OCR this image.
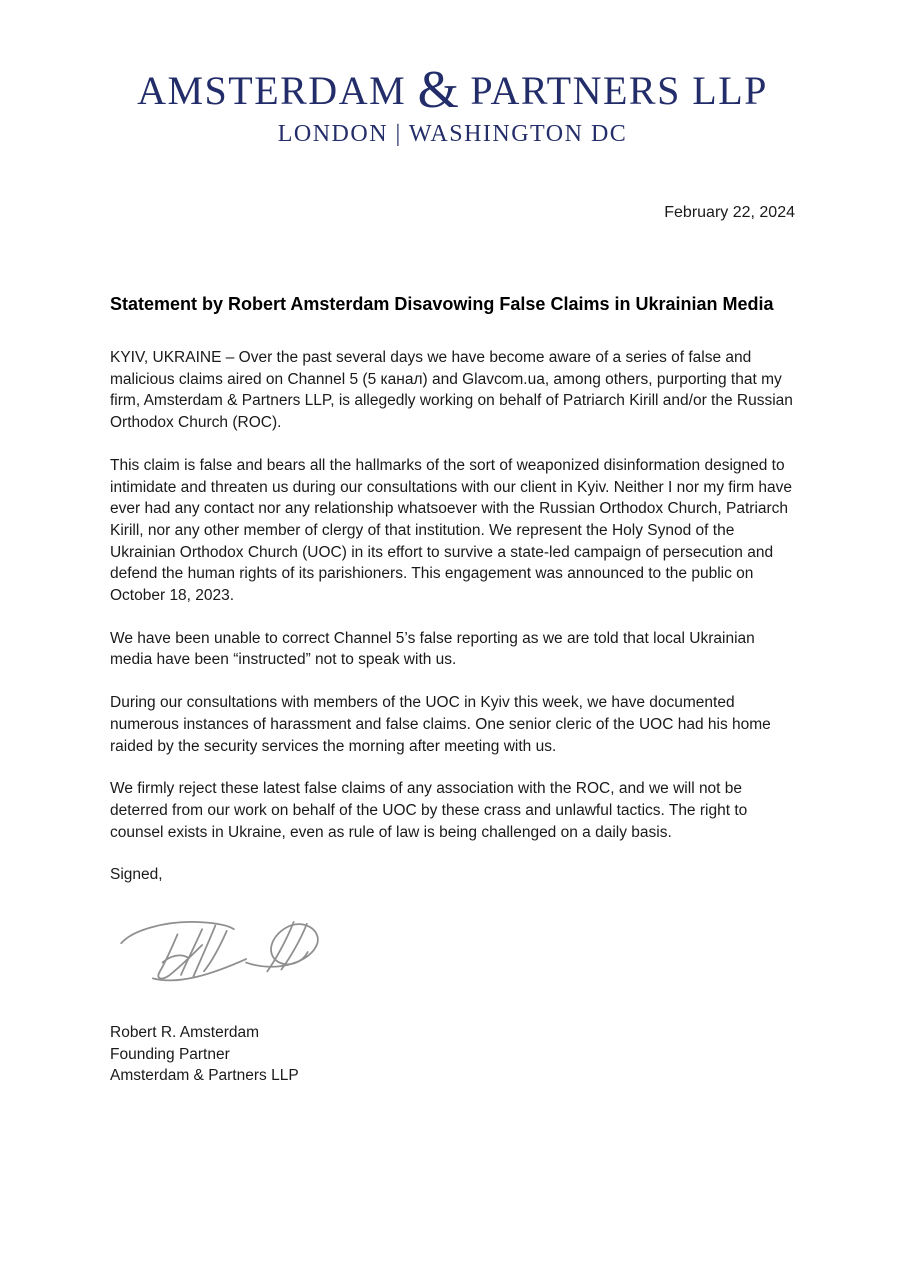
AMSTERDAM & PARTNERS LLP
LONDON | WASHINGTON DC
February 22, 2024
Statement by Robert Amsterdam Disavowing False Claims in Ukrainian Media

KYIV, UKRAINE – Over the past several days we have become aware of a series of false and malicious claims aired on Channel 5 (5 канал) and Glavcom.ua, among others, purporting that my firm, Amsterdam & Partners LLP, is allegedly working on behalf of Patriarch Kirill and/or the Russian Orthodox Church (ROC).

This claim is false and bears all the hallmarks of the sort of weaponized disinformation designed to intimidate and threaten us during our consultations with our client in Kyiv. Neither I nor my firm have ever had any contact nor any relationship whatsoever with the Russian Orthodox Church, Patriarch Kirill, nor any other member of clergy of that institution. We represent the Holy Synod of the Ukrainian Orthodox Church (UOC) in its effort to survive a state-led campaign of persecution and defend the human rights of its parishioners. This engagement was announced to the public on October 18, 2023.

We have been unable to correct Channel 5’s false reporting as we are told that local Ukrainian media have been “instructed” not to speak with us.

During our consultations with members of the UOC in Kyiv this week, we have documented numerous instances of harassment and false claims. One senior cleric of the UOC had his home raided by the security services the morning after meeting with us.

We firmly reject these latest false claims of any association with the ROC, and we will not be deterred from our work on behalf of the UOC by these crass and unlawful tactics. The right to counsel exists in Ukraine, even as rule of law is being challenged on a daily basis.

Signed,

Robert R. Amsterdam
Founding Partner
Amsterdam & Partners LLP
